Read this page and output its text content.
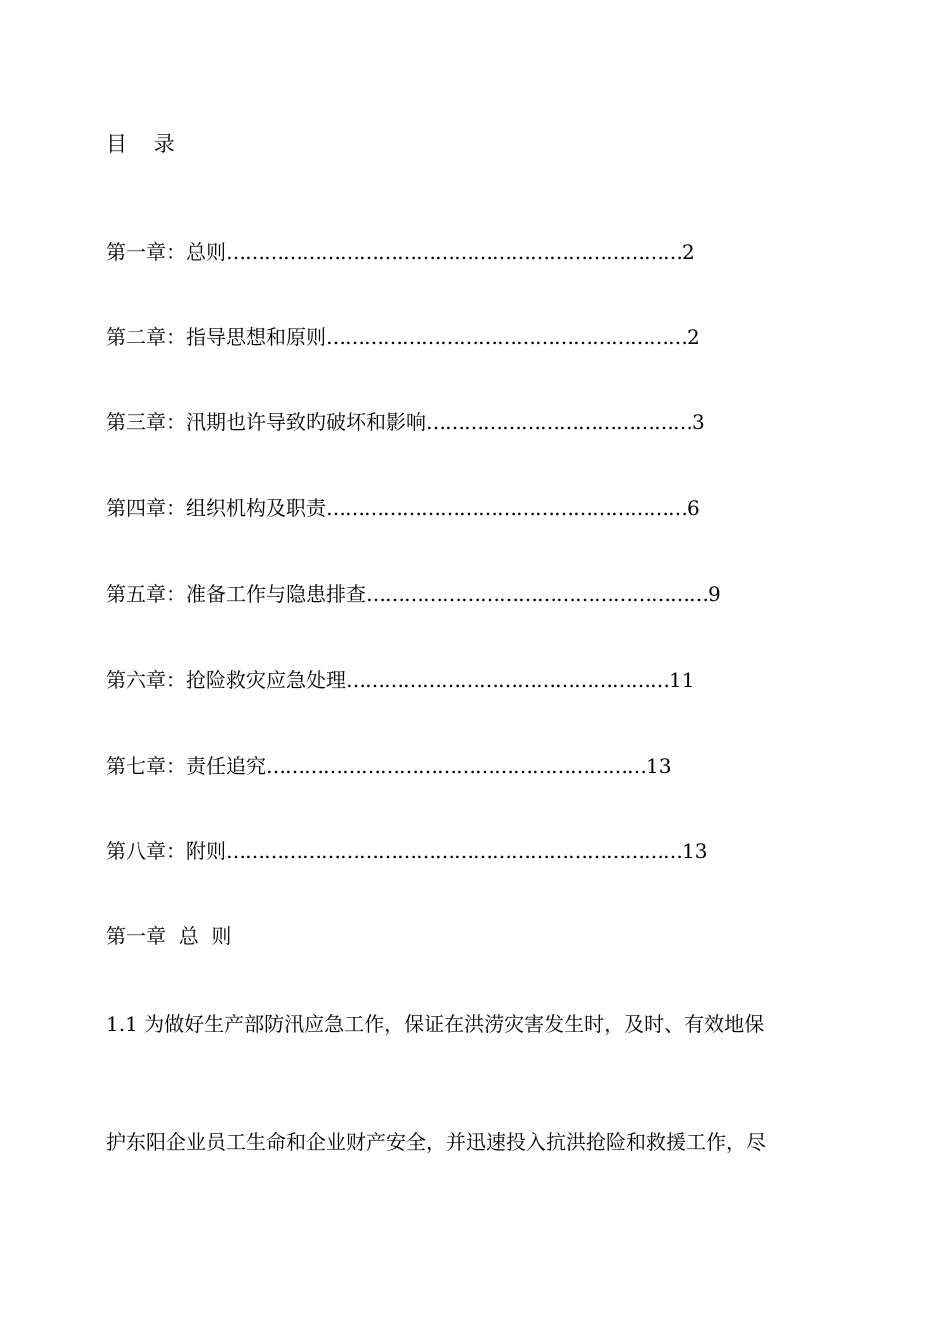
目    录
第一章：总则………………………………………………………………2
第二章：指导思想和原则…………………………………………………2
第三章：汛期也许导致旳破坏和影响……………………………………3
第四章：组织机构及职责…………………………………………………6
第五章：准备工作与隐患排查………………………………………………9
第六章：抢险救灾应急处理……………………………………………11
第七章：责任追究……………………………………………………13
第八章：附则………………………………………………………………13
第一章  总  则
1.1 为做好生产部防汛应急工作，保证在洪涝灾害发生时，及时、有效地保
护东阳企业员工生命和企业财产安全，并迅速投入抗洪抢险和救援工作，尽
